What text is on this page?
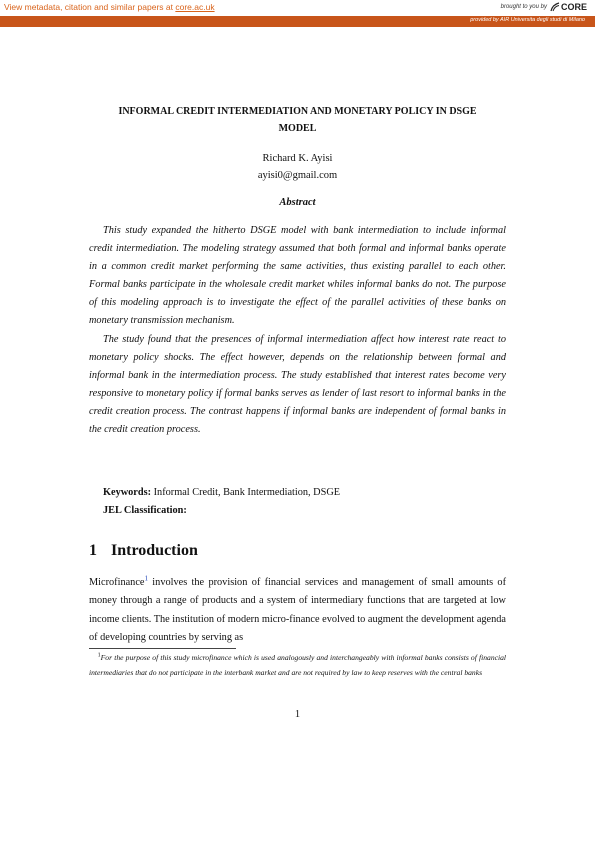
View metadata, citation and similar papers at core.ac.uk	brought to you by CORE
provided by AIR Universita degli studi di Milano
INFORMAL CREDIT INTERMEDIATION AND MONETARY POLICY IN DSGE
MODEL
Richard K. Ayisi
ayisi0@gmail.com
Abstract

This study expanded the hitherto DSGE model with bank intermediation to include informal credit intermediation. The modeling strategy assumed that both formal and informal banks operate in a common credit market performing the same activities, thus existing parallel to each other. Formal banks participate in the wholesale credit market whiles informal banks do not. The purpose of this modeling approach is to investigate the effect of the parallel activities of these banks on monetary transmission mechanism.

The study found that the presences of informal intermediation affect how interest rate react to monetary policy shocks. The effect however, depends on the relationship between formal and informal bank in the intermediation process. The study established that interest rates become very responsive to monetary policy if formal banks serves as lender of last resort to informal banks in the credit creation process. The contrast happens if informal banks are independent of formal banks in the credit creation process.

Keywords: Informal Credit, Bank Intermediation, DSGE
JEL Classification:
1 Introduction
Microfinance$^1$ involves the provision of financial services and management of small amounts of money through a range of products and a system of intermediary functions that are targeted at low income clients. The institution of modern micro-finance evolved to augment the development agenda of developing countries by serving as
$^1$For the purpose of this study microfinance which is used analogously and interchangeably with informal banks consists of financial intermediaries that do not participate in the interbank market and are not required by law to keep reserves with the central banks
1
